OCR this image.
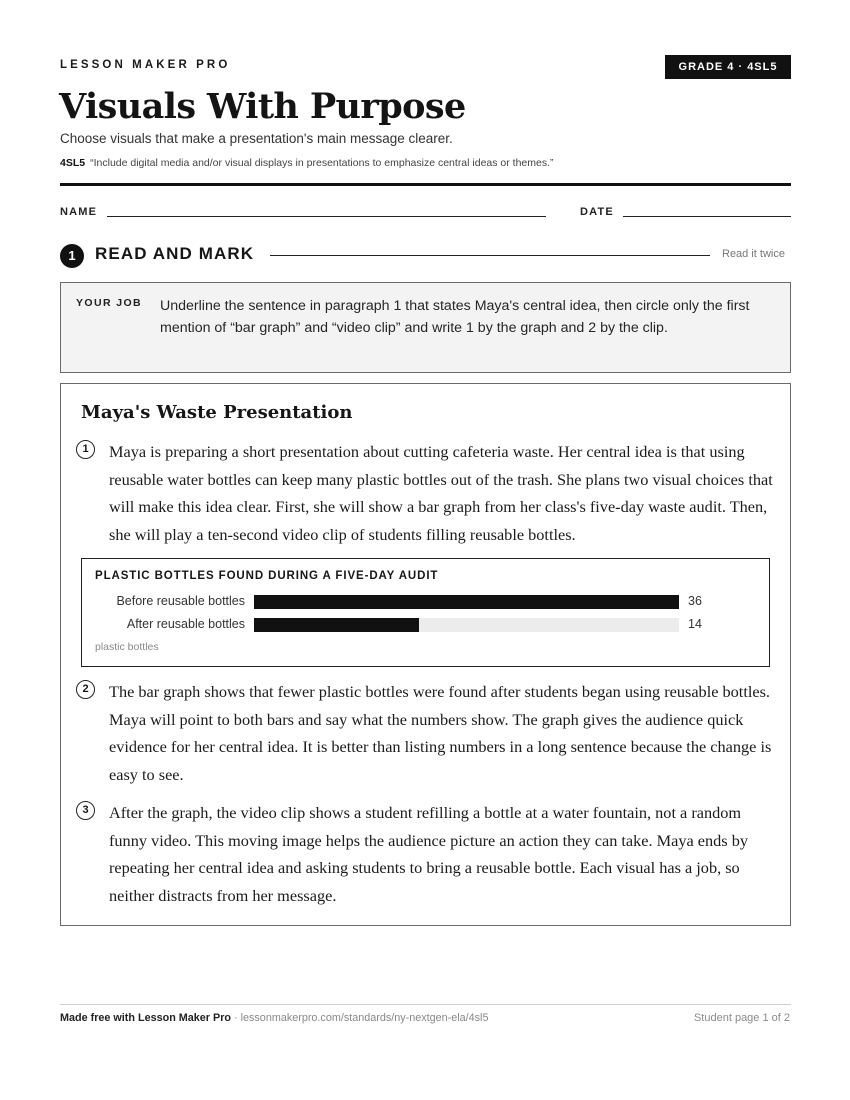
LESSON MAKER PRO	GRADE 4 · 4SL5
Visuals With Purpose
Choose visuals that make a presentation's main message clearer.
4SL5 “Include digital media and/or visual displays in presentations to emphasize central ideas or themes.”
NAME	DATE
1	READ AND MARK	Read it twice
YOUR JOB Underline the sentence in paragraph 1 that states Maya's central idea, then circle only the first mention of “bar graph” and “video clip” and write 1 by the graph and 2 by the clip.
Maya's Waste Presentation
1	Maya is preparing a short presentation about cutting cafeteria waste. Her central idea is that using reusable water bottles can keep many plastic bottles out of the trash. She plans two visual choices that will make this idea clear. First, she will show a bar graph from her class's five-day waste audit. Then, she will play a ten-second video clip of students filling reusable bottles.
PLASTIC BOTTLES FOUND DURING A FIVE-DAY AUDIT
Before reusable bottles	36
After reusable bottles	14
plastic bottles
2	The bar graph shows that fewer plastic bottles were found after students began using reusable bottles. Maya will point to both bars and say what the numbers show. The graph gives the audience quick evidence for her central idea. It is better than listing numbers in a long sentence because the change is easy to see.
3	After the graph, the video clip shows a student refilling a bottle at a water fountain, not a random funny video. This moving image helps the audience picture an action they can take. Maya ends by repeating her central idea and asking students to bring a reusable bottle. Each visual has a job, so neither distracts from her message.
Made free with Lesson Maker Pro · lessonmakerpro.com/standards/ny-nextgen-ela/4sl5	Student page 1 of 2
